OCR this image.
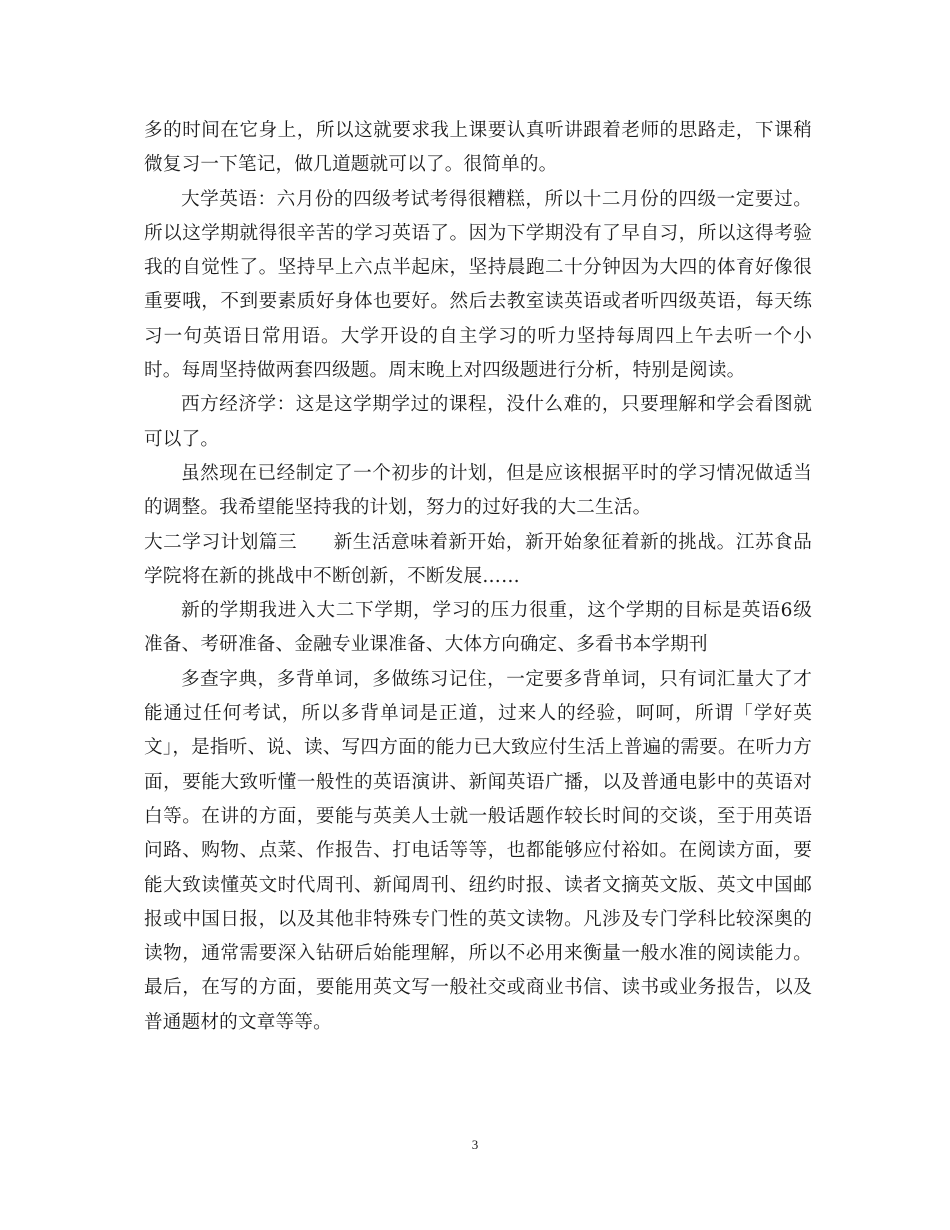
多的时间在它身上，所以这就要求我上课要认真听讲跟着老师的思路走，下课稍微复习一下笔记，做几道题就可以了。很简单的。

大学英语：六月份的四级考试考得很糟糕，所以十二月份的四级一定要过。所以这学期就得很辛苦的学习英语了。因为下学期没有了早自习，所以这得考验我的自觉性了。坚持早上六点半起床，坚持晨跑二十分钟因为大四的体育好像很重要哦，不到要素质好身体也要好。然后去教室读英语或者听四级英语，每天练习一句英语日常用语。大学开设的自主学习的听力坚持每周四上午去听一个小时。每周坚持做两套四级题。周末晚上对四级题进行分析，特别是阅读。

西方经济学：这是这学期学过的课程，没什么难的，只要理解和学会看图就可以了。

虽然现在已经制定了一个初步的计划，但是应该根据平时的学习情况做适当的调整。我希望能坚持我的计划，努力的过好我的大二生活。

大二学习计划篇三 新生活意味着新开始，新开始象征着新的挑战。江苏食品学院将在新的挑战中不断创新，不断发展……

新的学期我进入大二下学期，学习的压力很重，这个学期的目标是英语6级准备、考研准备、金融专业课准备、大体方向确定、多看书本学期刊

多查字典，多背单词，多做练习记住，一定要多背单词，只有词汇量大了才能通过任何考试，所以多背单词是正道，过来人的经验，呵呵，所谓「学好英文」，是指听、说、读、写四方面的能力已大致应付生活上普遍的需要。在听力方面，要能大致听懂一般性的英语演讲、新闻英语广播，以及普通电影中的英语对白等。在讲的方面，要能与英美人士就一般话题作较长时间的交谈，至于用英语问路、购物、点菜、作报告、打电话等等，也都能够应付裕如。在阅读方面，要能大致读懂英文时代周刊、新闻周刊、纽约时报、读者文摘英文版、英文中国邮报或中国日报，以及其他非特殊专门性的英文读物。凡涉及专门学科比较深奥的读物，通常需要深入钻研后始能理解，所以不必用来衡量一般水准的阅读能力。最后，在写的方面，要能用英文写一般社交或商业书信、读书或业务报告，以及普通题材的文章等等。

3
